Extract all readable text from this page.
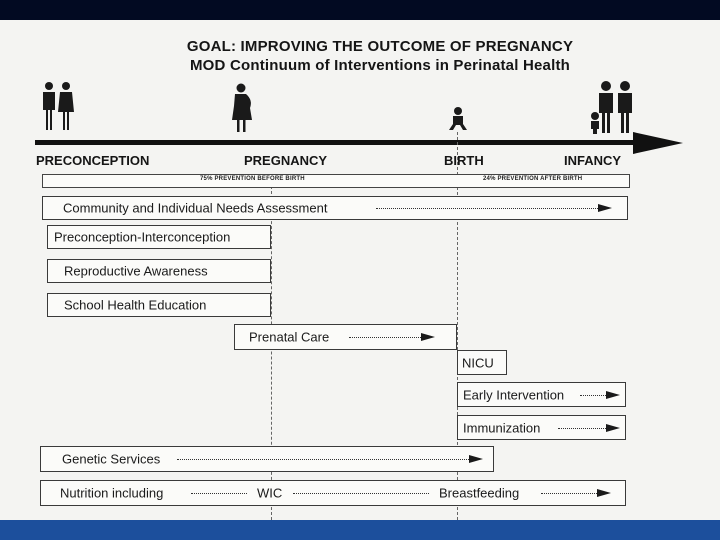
GOAL: IMPROVING THE OUTCOME OF PREGNANCY
MOD Continuum of Interventions in Perinatal Health
PRECONCEPTION	PREGNANCY	BIRTH	INFANCY
75% PREVENTION BEFORE BIRTH	24% PREVENTION AFTER BIRTH
Community and Individual Needs Assessment
Preconception-Interconception
Reproductive Awareness
School Health Education
Prenatal Care
NICU
Early Intervention
Immunization
Genetic Services
Nutrition including	WIC	Breastfeeding
